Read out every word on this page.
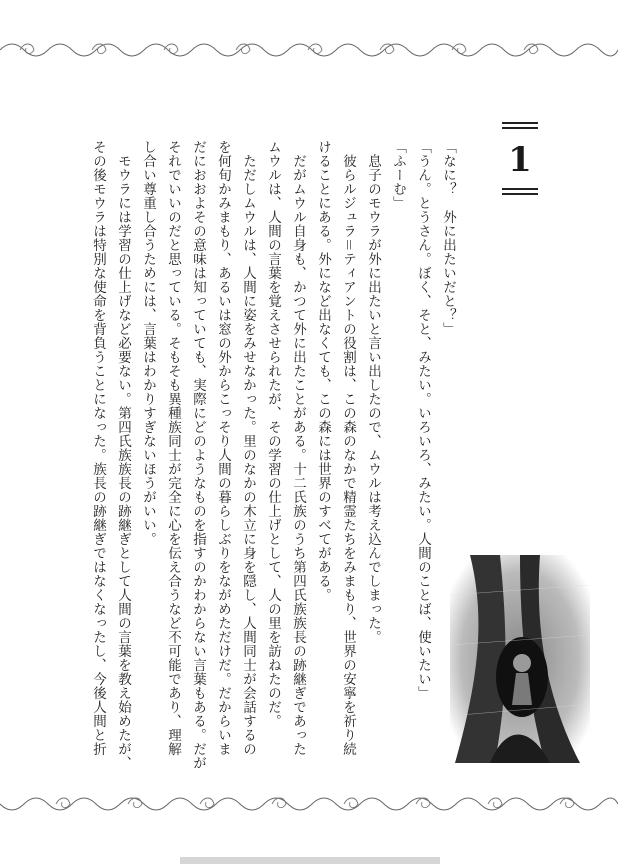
1

「なに？　外に出たいだと？」

「うん。とうさん。ぼく、そと、みたい。いろいろ、みたい。人間のことば、使いたい」

「ふーむ」

　息子のモウラが外に出たいと言い出したので、ムウルは考え込んでしまった。

　彼らルジュラ＝ティアントの役割は、この森のなかで精霊たちをみまもり、世界の安寧を祈り続

けることにある。外になど出なくても、この森には世界のすべてがある。

　だがムウル自身も、かつて外に出たことがある。十二氏族のうち第四氏族族長の跡継ぎであった

ムウルは、人間の言葉を覚えさせられたが、その学習の仕上げとして、人の里を訪ねたのだ。

　ただしムウルは、人間に姿をみせなかった。里のなかの木立に身を隠し、人間同士が会話するの

を何旬かみまもり、あるいは窓の外からこっそり人間の暮らしぶりをながめただけだ。だからいま

だにおおよその意味は知っていても、実際にどのようなものを指すのかわからない言葉もある。だが

それでいいのだと思っている。そもそも異種族同士が完全に心を伝え合うなど不可能であり、理解

し合い尊重し合うためには、言葉はわかりすぎないほうがいい。

　モウラには学習の仕上げなど必要ない。第四氏族族長の跡継ぎとして人間の言葉を教え始めたが、

その後モウラは特別な使命を背負うことになった。族長の跡継ぎではなくなったし、今後人間と折
